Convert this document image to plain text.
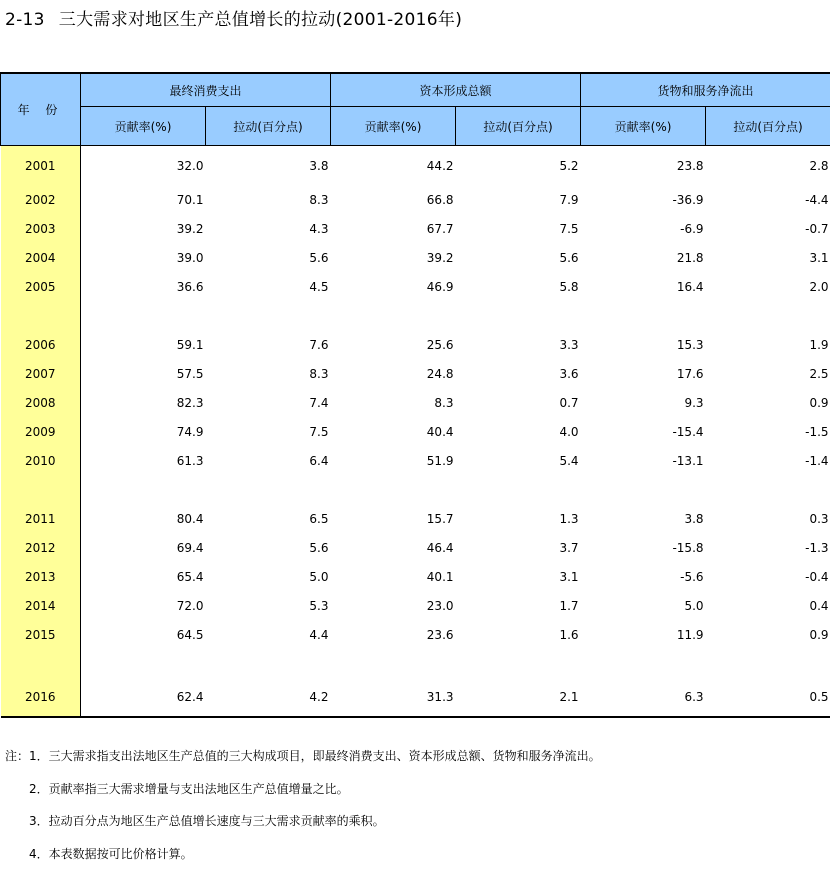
2-13 三大需求对地区生产总值增长的拉动(2001-2016年)
年 份	最终消费支出		资本形成总额		货物和服务净流出	
	贡献率(%)	拉动(百分点)	贡献率(%)	拉动(百分点)	贡献率(%)	拉动(百分点)
2001	32.0	3.8	44.2	5.2	23.8	2.8
2002	70.1	8.3	66.8	7.9	-36.9	-4.4
2003	39.2	4.3	67.7	7.5	-6.9	-0.7
2004	39.0	5.6	39.2	5.6	21.8	3.1
2005	36.6	4.5	46.9	5.8	16.4	2.0

2006	59.1	7.6	25.6	3.3	15.3	1.9
2007	57.5	8.3	24.8	3.6	17.6	2.5
2008	82.3	7.4	8.3	0.7	9.3	0.9
2009	74.9	7.5	40.4	4.0	-15.4	-1.5
2010	61.3	6.4	51.9	5.4	-13.1	-1.4

2011	80.4	6.5	15.7	1.3	3.8	0.3
2012	69.4	5.6	46.4	3.7	-15.8	-1.3
2013	65.4	5.0	40.1	3.1	-5.6	-0.4
2014	72.0	5.3	23.0	1.7	5.0	0.4
2015	64.5	4.4	23.6	1.6	11.9	0.9

2016	62.4	4.2	31.3	2.1	6.3	0.5
注：1．三大需求指支出法地区生产总值的三大构成项目，即最终消费支出、资本形成总额、货物和服务净流出。
2．贡献率指三大需求增量与支出法地区生产总值增量之比。
3．拉动百分点为地区生产总值增长速度与三大需求贡献率的乘积。
4．本表数据按可比价格计算。
